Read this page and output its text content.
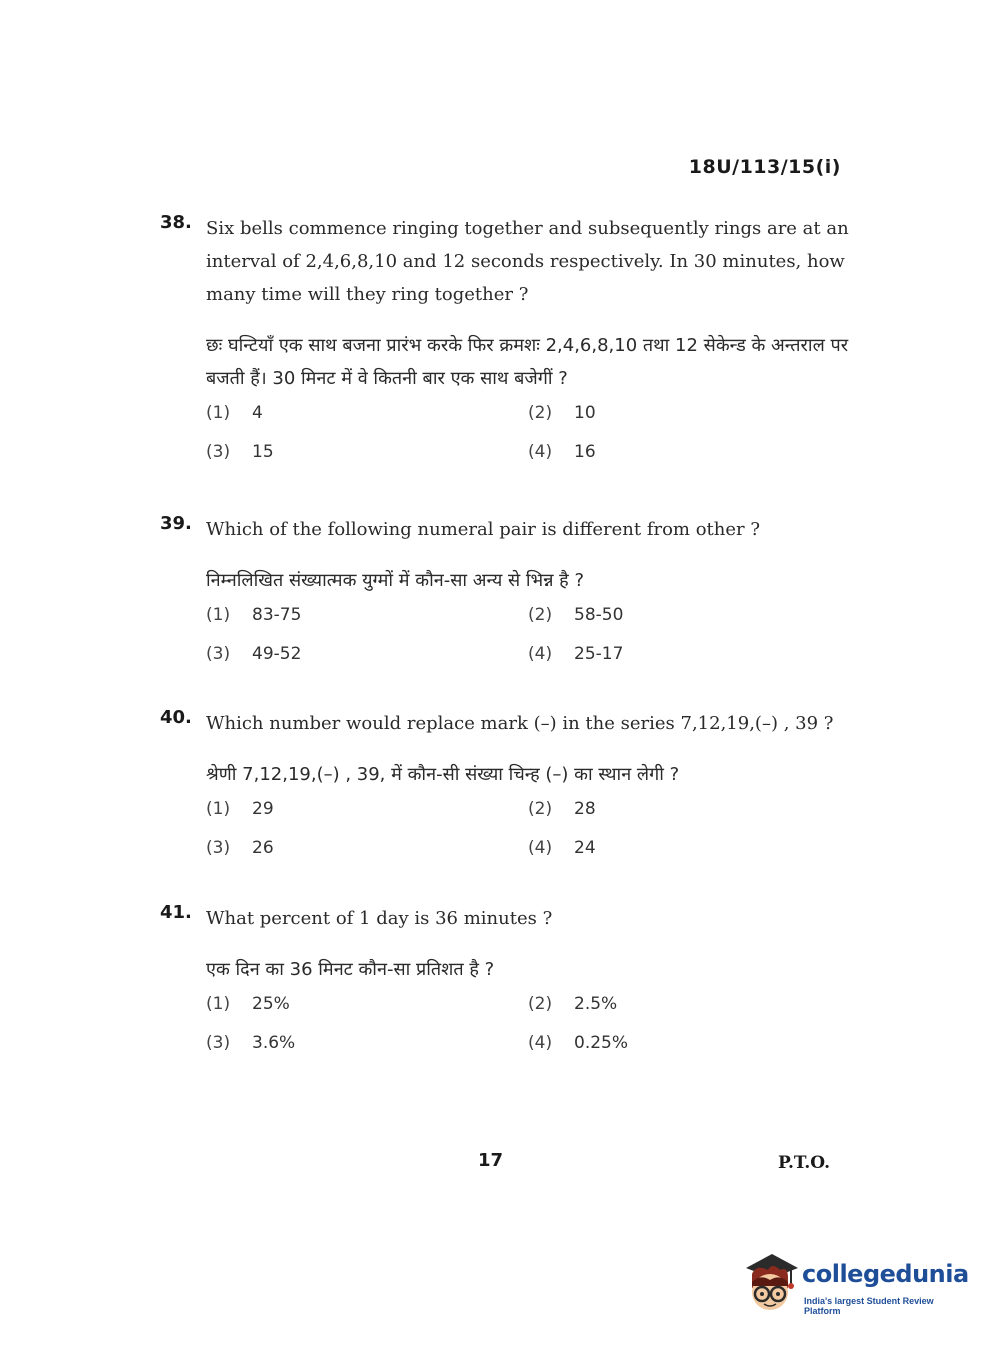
18U/113/15(i)
38. Six bells commence ringing together and subsequently rings are at an interval of 2,4,6,8,10 and 12 seconds respectively. In 30 minutes, how many time will they ring together ?
छः घन्टियाँ एक साथ बजना प्रारंभ करके फिर क्रमशः 2,4,6,8,10 तथा 12 सेकेन्ड के अन्तराल पर बजती हैं। 30 मिनट में वे कितनी बार एक साथ बजेगीं ?
(1)	4	(2)	10
(3)	15	(4)	16
39. Which of the following numeral pair is different from other ?
निम्नलिखित संख्यात्मक युग्मों में कौन-सा अन्य से भिन्न है ?
(1)	83-75	(2)	58-50
(3)	49-52	(4)	25-17
40. Which number would replace mark (–) in the series 7,12,19,(–) , 39 ?
श्रेणी 7,12,19,(–) , 39, में कौन-सी संख्या चिन्ह (–) का स्थान लेगी ?
(1)	29	(2)	28
(3)	26	(4)	24
41. What percent of 1 day is 36 minutes ?
एक दिन का 36 मिनट कौन-सा प्रतिशत है ?
(1)	25%	(2)	2.5%
(3)	3.6%	(4)	0.25%
17	P.T.O.
collegedunia
India's largest Student Review Platform
